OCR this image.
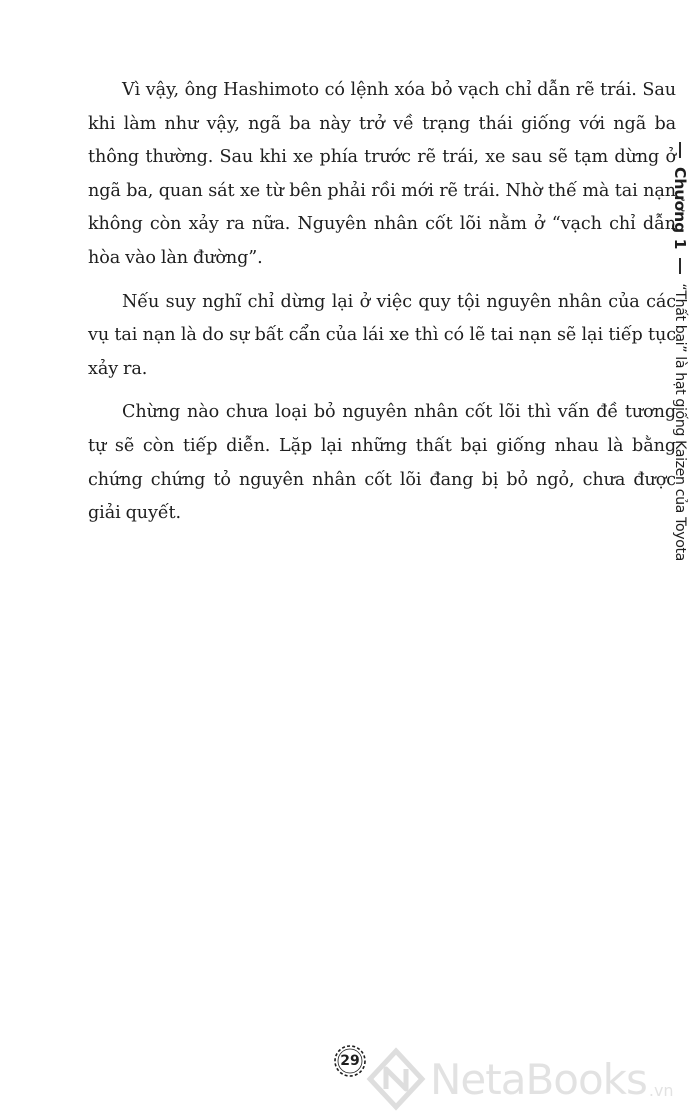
Vì vậy, ông Hashimoto có lệnh xóa bỏ vạch chỉ dẫn rẽ trái. Sau khi làm như vậy, ngã ba này trở về trạng thái giống với ngã ba thông thường. Sau khi xe phía trước rẽ trái, xe sau sẽ tạm dừng ở ngã ba, quan sát xe từ bên phải rồi mới rẽ trái. Nhờ thế mà tai nạn không còn xảy ra nữa. Nguyên nhân cốt lõi nằm ở “vạch chỉ dẫn hòa vào làn đường”.

Nếu suy nghĩ chỉ dừng lại ở việc quy tội nguyên nhân của các vụ tai nạn là do sự bất cẩn của lái xe thì có lẽ tai nạn sẽ lại tiếp tục xảy ra.

Chừng nào chưa loại bỏ nguyên nhân cốt lõi thì vấn đề tương tự sẽ còn tiếp diễn. Lặp lại những thất bại giống nhau là bằng chứng chứng tỏ nguyên nhân cốt lõi đang bị bỏ ngỏ, chưa được giải quyết.

Chương 1
“Thất bại” là hạt giống Kaizen của Toyota
29 NetaBooks .vn
